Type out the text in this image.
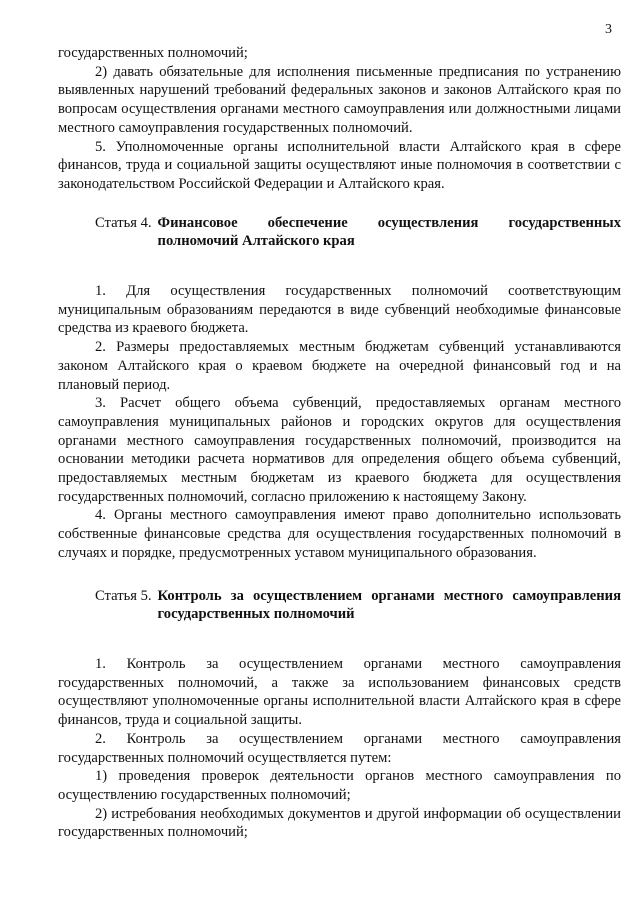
3

государственных полномочий;

2) давать обязательные для исполнения письменные предписания по устранению выявленных нарушений требований федеральных законов и законов Алтайского края по вопросам осуществления органами местного самоуправления или должностными лицами местного самоуправления государственных полномочий.

5. Уполномоченные органы исполнительной власти Алтайского края в сфере финансов, труда и социальной защиты осуществляют иные полномочия в соответствии с законодательством Российской Федерации и Алтайского края.

Статья 4. Финансовое обеспечение осуществления государственных полномочий Алтайского края

1. Для осуществления государственных полномочий соответствующим муниципальным образованиям передаются в виде субвенций необходимые финансовые средства из краевого бюджета.

2. Размеры предоставляемых местным бюджетам субвенций устанавливаются законом Алтайского края о краевом бюджете на очередной финансовый год и на плановый период.

3. Расчет общего объема субвенций, предоставляемых органам местного самоуправления муниципальных районов и городских округов для осуществления органами местного самоуправления государственных полномочий, производится на основании методики расчета нормативов для определения общего объема субвенций, предоставляемых местным бюджетам из краевого бюджета для осуществления государственных полномочий, согласно приложению к настоящему Закону.

4. Органы местного самоуправления имеют право дополнительно использовать собственные финансовые средства для осуществления государственных полномочий в случаях и порядке, предусмотренных уставом муниципального образования.

Статья 5. Контроль за осуществлением органами местного самоуправления государственных полномочий

1. Контроль за осуществлением органами местного самоуправления государственных полномочий, а также за использованием финансовых средств осуществляют уполномоченные органы исполнительной власти Алтайского края в сфере финансов, труда и социальной защиты.

2. Контроль за осуществлением органами местного самоуправления государственных полномочий осуществляется путем:

1) проведения проверок деятельности органов местного самоуправления по осуществлению государственных полномочий;

2) истребования необходимых документов и другой информации об осуществлении государственных полномочий;
